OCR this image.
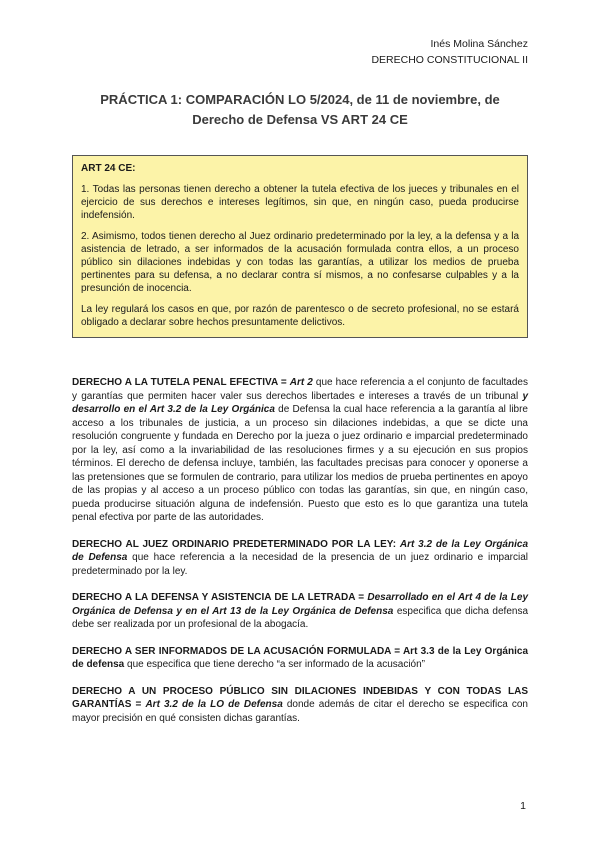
Inés Molina Sánchez
DERECHO CONSTITUCIONAL II
PRÁCTICA 1: COMPARACIÓN LO 5/2024, de 11 de noviembre, de
Derecho de Defensa VS ART 24 CE

ART 24 CE:

1. Todas las personas tienen derecho a obtener la tutela efectiva de los jueces y tribunales en el ejercicio de sus derechos e intereses legítimos, sin que, en ningún caso, pueda producirse indefensión.

2. Asimismo, todos tienen derecho al Juez ordinario predeterminado por la ley, a la defensa y a la asistencia de letrado, a ser informados de la acusación formulada contra ellos, a un proceso público sin dilaciones indebidas y con todas las garantías, a utilizar los medios de prueba pertinentes para su defensa, a no declarar contra sí mismos, a no confesarse culpables y a la presunción de inocencia.

La ley regulará los casos en que, por razón de parentesco o de secreto profesional, no se estará obligado a declarar sobre hechos presuntamente delictivos.

DERECHO A LA TUTELA PENAL EFECTIVA = Art 2 que hace referencia a el conjunto de facultades y garantías que permiten hacer valer sus derechos libertades e intereses a través de un tribunal y desarrollo en el Art 3.2 de la Ley Orgánica de Defensa la cual hace referencia a la garantía al libre acceso a los tribunales de justicia, a un proceso sin dilaciones indebidas, a que se dicte una resolución congruente y fundada en Derecho por la jueza o juez ordinario e imparcial predeterminado por la ley, así como a la invariabilidad de las resoluciones firmes y a su ejecución en sus propios términos. El derecho de defensa incluye, también, las facultades precisas para conocer y oponerse a las pretensiones que se formulen de contrario, para utilizar los medios de prueba pertinentes en apoyo de las propias y al acceso a un proceso público con todas las garantías, sin que, en ningún caso, pueda producirse situación alguna de indefensión. Puesto que esto es lo que garantiza una tutela penal efectiva por parte de las autoridades.

DERECHO AL JUEZ ORDINARIO PREDETERMINADO POR LA LEY: Art 3.2 de la Ley Orgánica de Defensa que hace referencia a la necesidad de la presencia de un juez ordinario e imparcial predeterminado por la ley.

DERECHO A LA DEFENSA Y ASISTENCIA DE LA LETRADA = Desarrollado en el Art 4 de la Ley Orgánica de Defensa y en el Art 13 de la Ley Orgánica de Defensa especifica que dicha defensa debe ser realizada por un profesional de la abogacía.

DERECHO A SER INFORMADOS DE LA ACUSACIÓN FORMULADA = Art 3.3 de la Ley Orgánica de defensa que especifica que tiene derecho “a ser informado de la acusación”

DERECHO A UN PROCESO PÚBLICO SIN DILACIONES INDEBIDAS Y CON TODAS LAS GARANTÍAS = Art 3.2 de la LO de Defensa donde además de citar el derecho se especifica con mayor precisión en qué consisten dichas garantías.

1
